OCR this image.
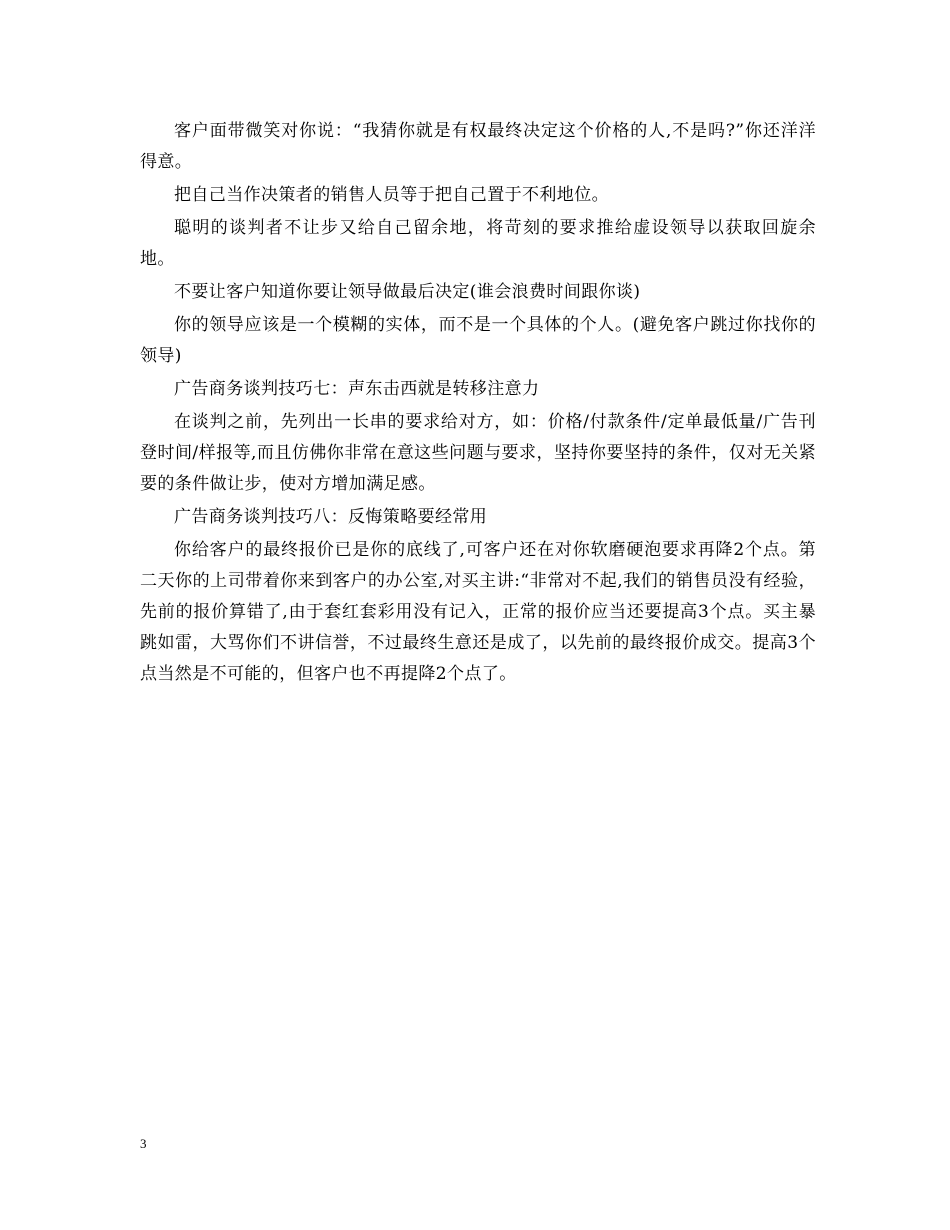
客户面带微笑对你说：“我猜你就是有权最终决定这个价格的人,不是吗?”你还洋洋得意。

把自己当作决策者的销售人员等于把自己置于不利地位。

聪明的谈判者不让步又给自己留余地，将苛刻的要求推给虚设领导以获取回旋余地。

不要让客户知道你要让领导做最后决定(谁会浪费时间跟你谈)

你的领导应该是一个模糊的实体，而不是一个具体的个人。(避免客户跳过你找你的领导)

广告商务谈判技巧七：声东击西就是转移注意力

在谈判之前，先列出一长串的要求给对方，如：价格/付款条件/定单最低量/广告刊登时间/样报等,而且仿佛你非常在意这些问题与要求，坚持你要坚持的条件，仅对无关紧要的条件做让步，使对方增加满足感。

广告商务谈判技巧八：反悔策略要经常用

你给客户的最终报价已是你的底线了,可客户还在对你软磨硬泡要求再降2个点。第二天你的上司带着你来到客户的办公室,对买主讲:“非常对不起,我们的销售员没有经验，先前的报价算错了,由于套红套彩用没有记入，正常的报价应当还要提高3个点。买主暴跳如雷，大骂你们不讲信誉，不过最终生意还是成了，以先前的最终报价成交。提高3个点当然是不可能的，但客户也不再提降2个点了。

3
